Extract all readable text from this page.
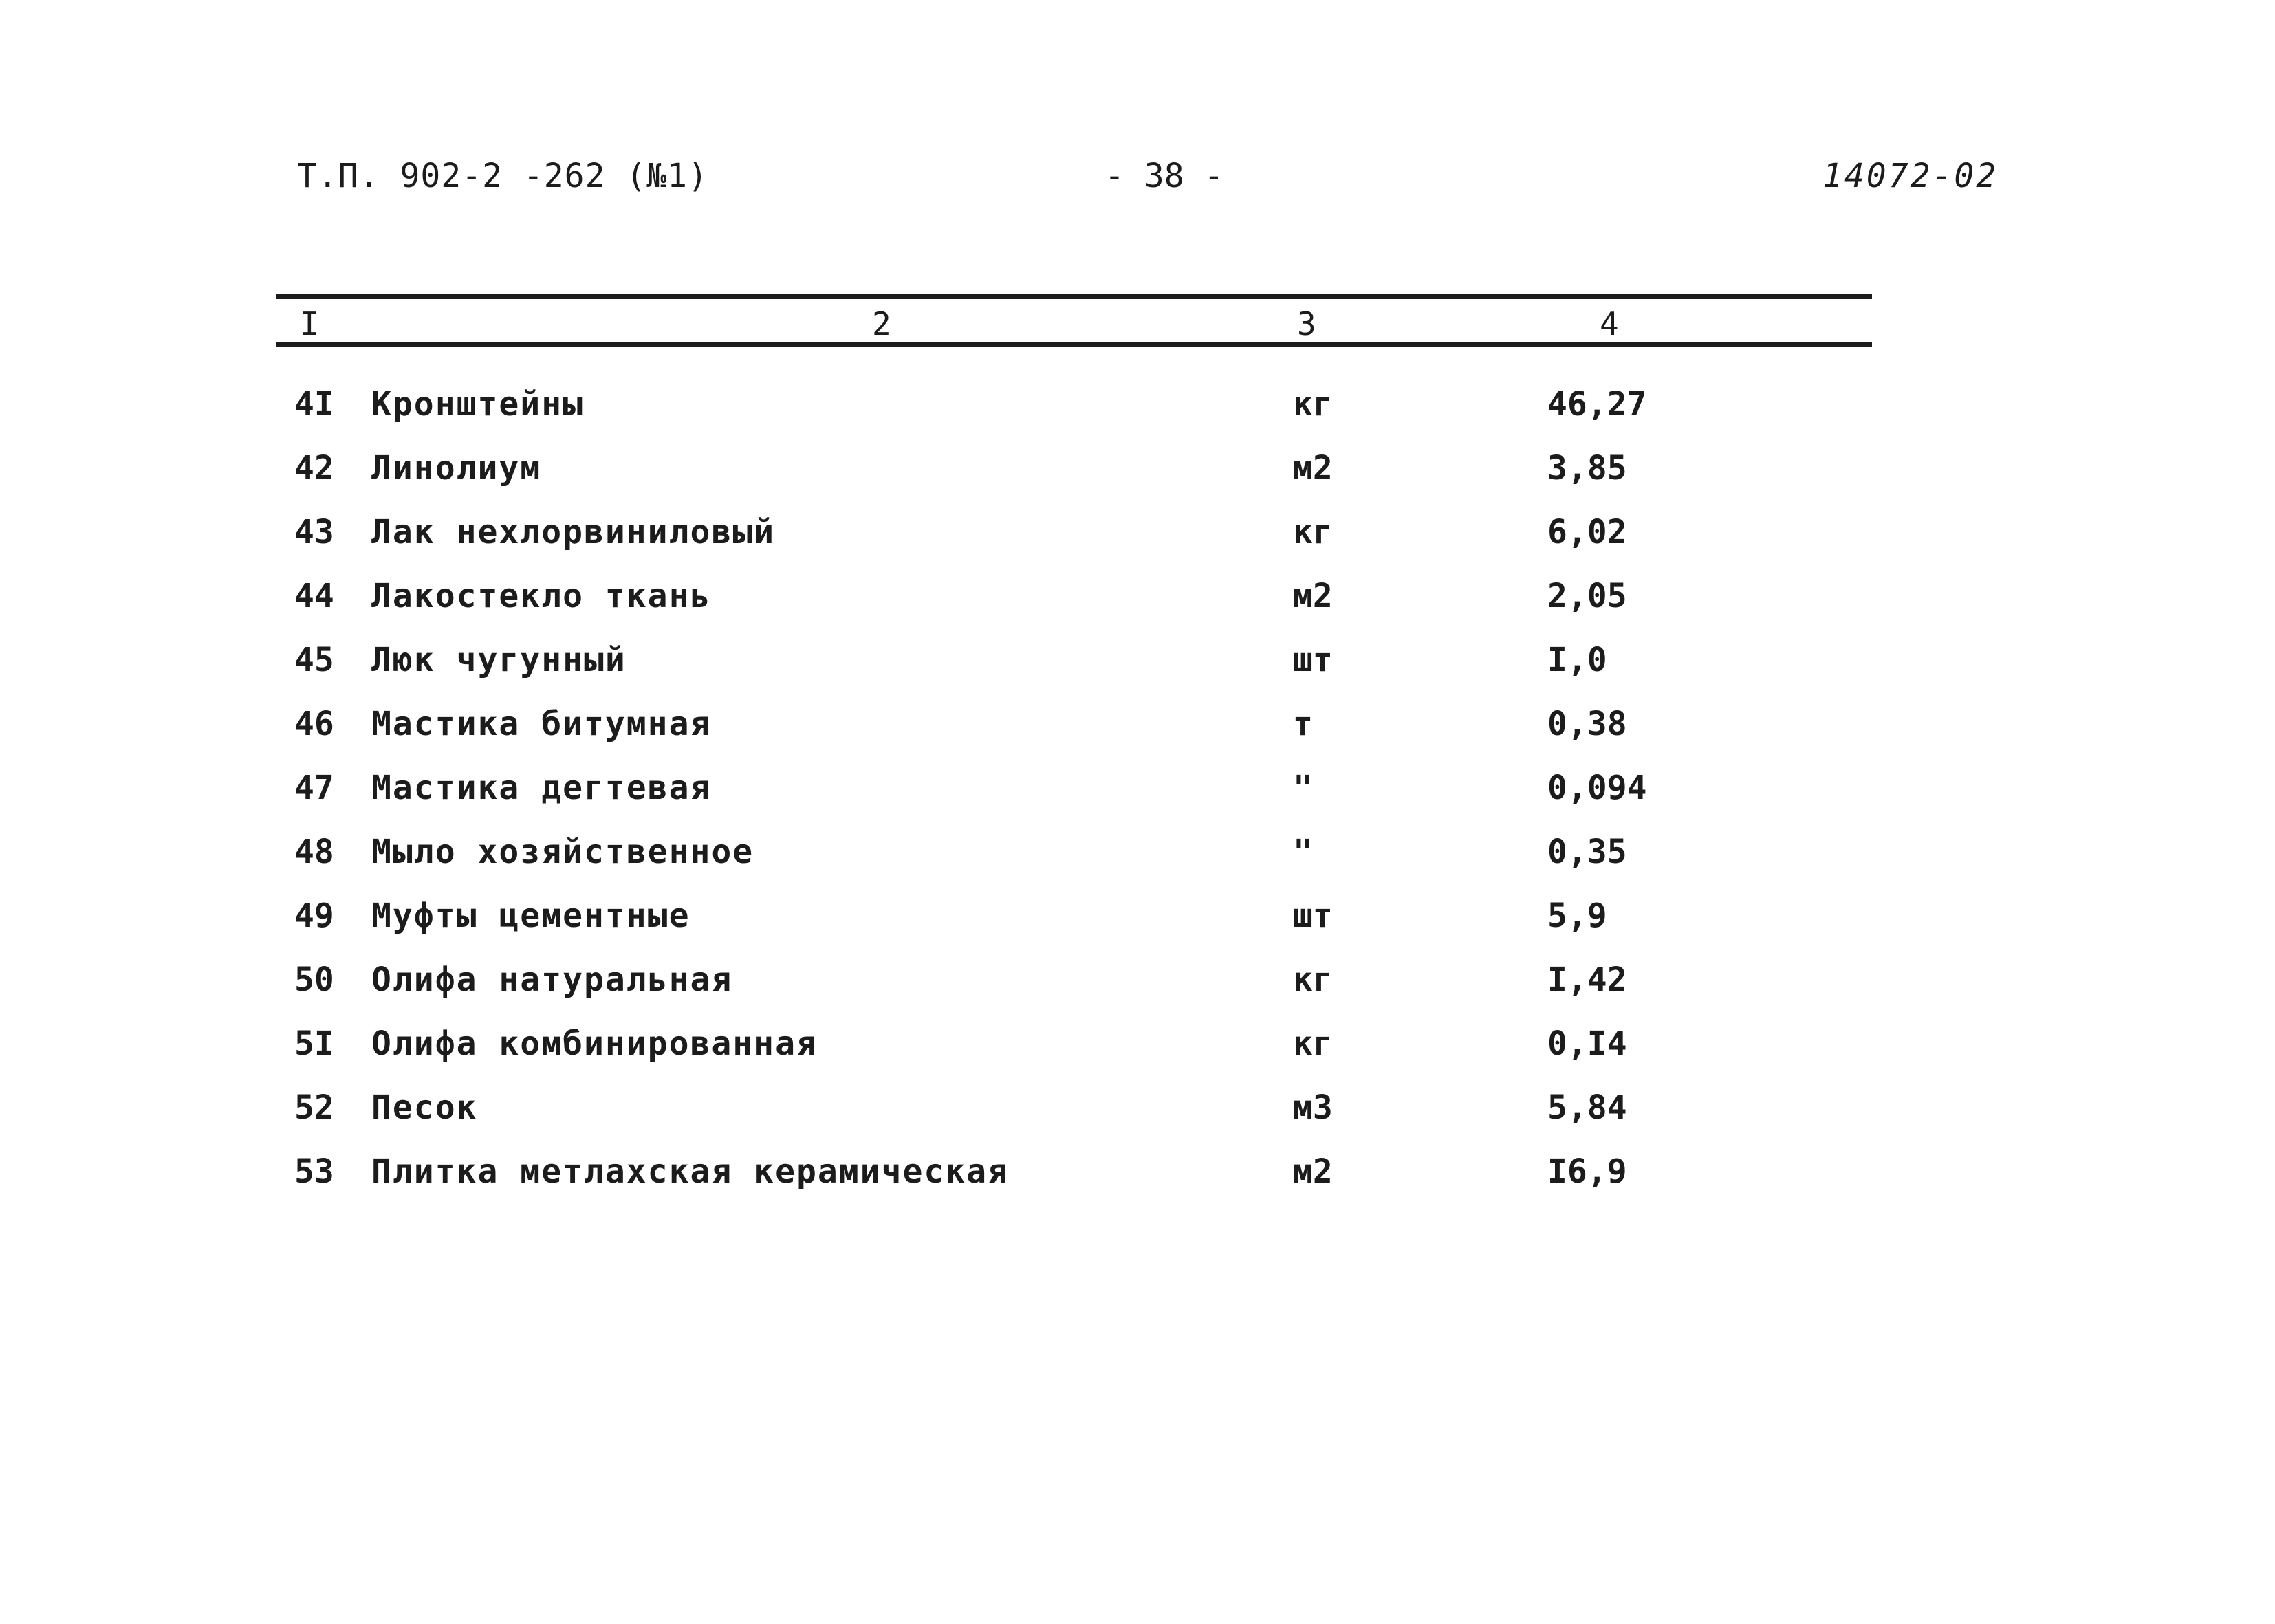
Т.П. 902-2 -262 (№1)	- 38 -	14072-02
I	2	3	4
4I Кронштейны	кг	46,27
42 Линолиум	м2	3,85
43 Лак нехлорвиниловый	кг	6,02
44 Лакостекло ткань	м2	2,05
45 Люк чугунный	шт	I,0
46 Мастика битумная	т	0,38
47 Мастика дегтевая	"	0,094
48 Мыло хозяйственное	"	0,35
49 Муфты цементные	шт	5,9
50 Олифа натуральная	кг	I,42
5I Олифа комбинированная	кг	0,I4
52 Песок	м3	5,84
53 Плитка метлахская керамическая	м2	I6,9
